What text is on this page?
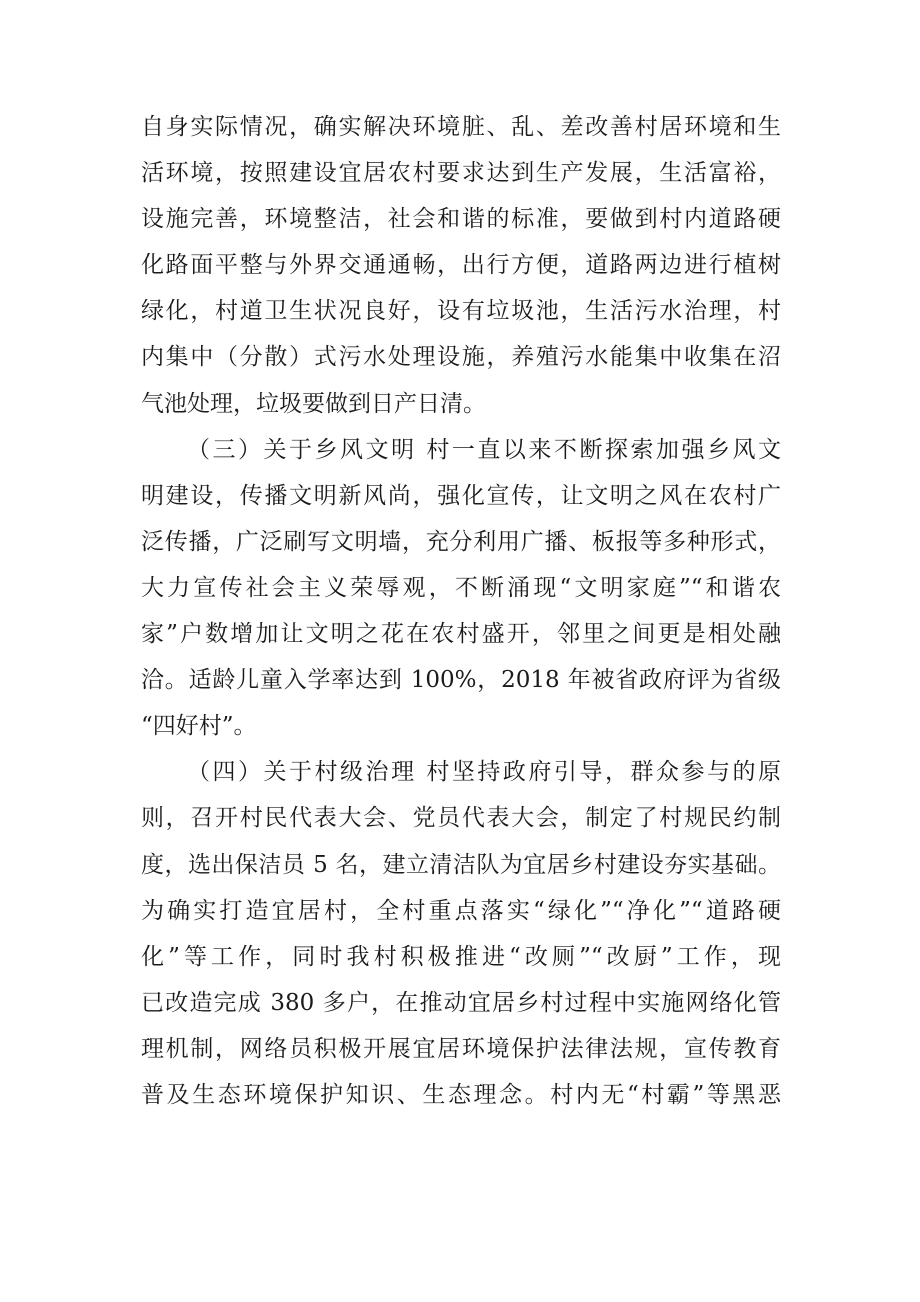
自身实际情况，确实解决环境脏、乱、差改善村居环境和生
活环境，按照建设宜居农村要求达到生产发展，生活富裕，
设施完善，环境整洁，社会和谐的标准，要做到村内道路硬
化路面平整与外界交通通畅，出行方便，道路两边进行植树
绿化，村道卫生状况良好，设有垃圾池，生活污水治理，村
内集中（分散）式污水处理设施，养殖污水能集中收集在沼
气池处理，垃圾要做到日产日清。
（三）关于乡风文明 村一直以来不断探索加强乡风文
明建设，传播文明新风尚，强化宣传，让文明之风在农村广
泛传播，广泛刷写文明墙，充分利用广播、板报等多种形式，
大力宣传社会主义荣辱观，不断涌现“文明家庭”“和谐农
家”户数增加让文明之花在农村盛开，邻里之间更是相处融
洽。适龄儿童入学率达到 100%，2018 年被省政府评为省级
“四好村”。
（四）关于村级治理 村坚持政府引导，群众参与的原
则，召开村民代表大会、党员代表大会，制定了村规民约制
度，选出保洁员 5 名，建立清洁队为宜居乡村建设夯实基础。
为确实打造宜居村，全村重点落实“绿化”“净化”“道路硬
化”等工作，同时我村积极推进“改厕”“改厨”工作，现
已改造完成 380 多户，在推动宜居乡村过程中实施网络化管
理机制，网络员积极开展宜居环境保护法律法规，宣传教育
普及生态环境保护知识、生态理念。村内无“村霸”等黑恶
